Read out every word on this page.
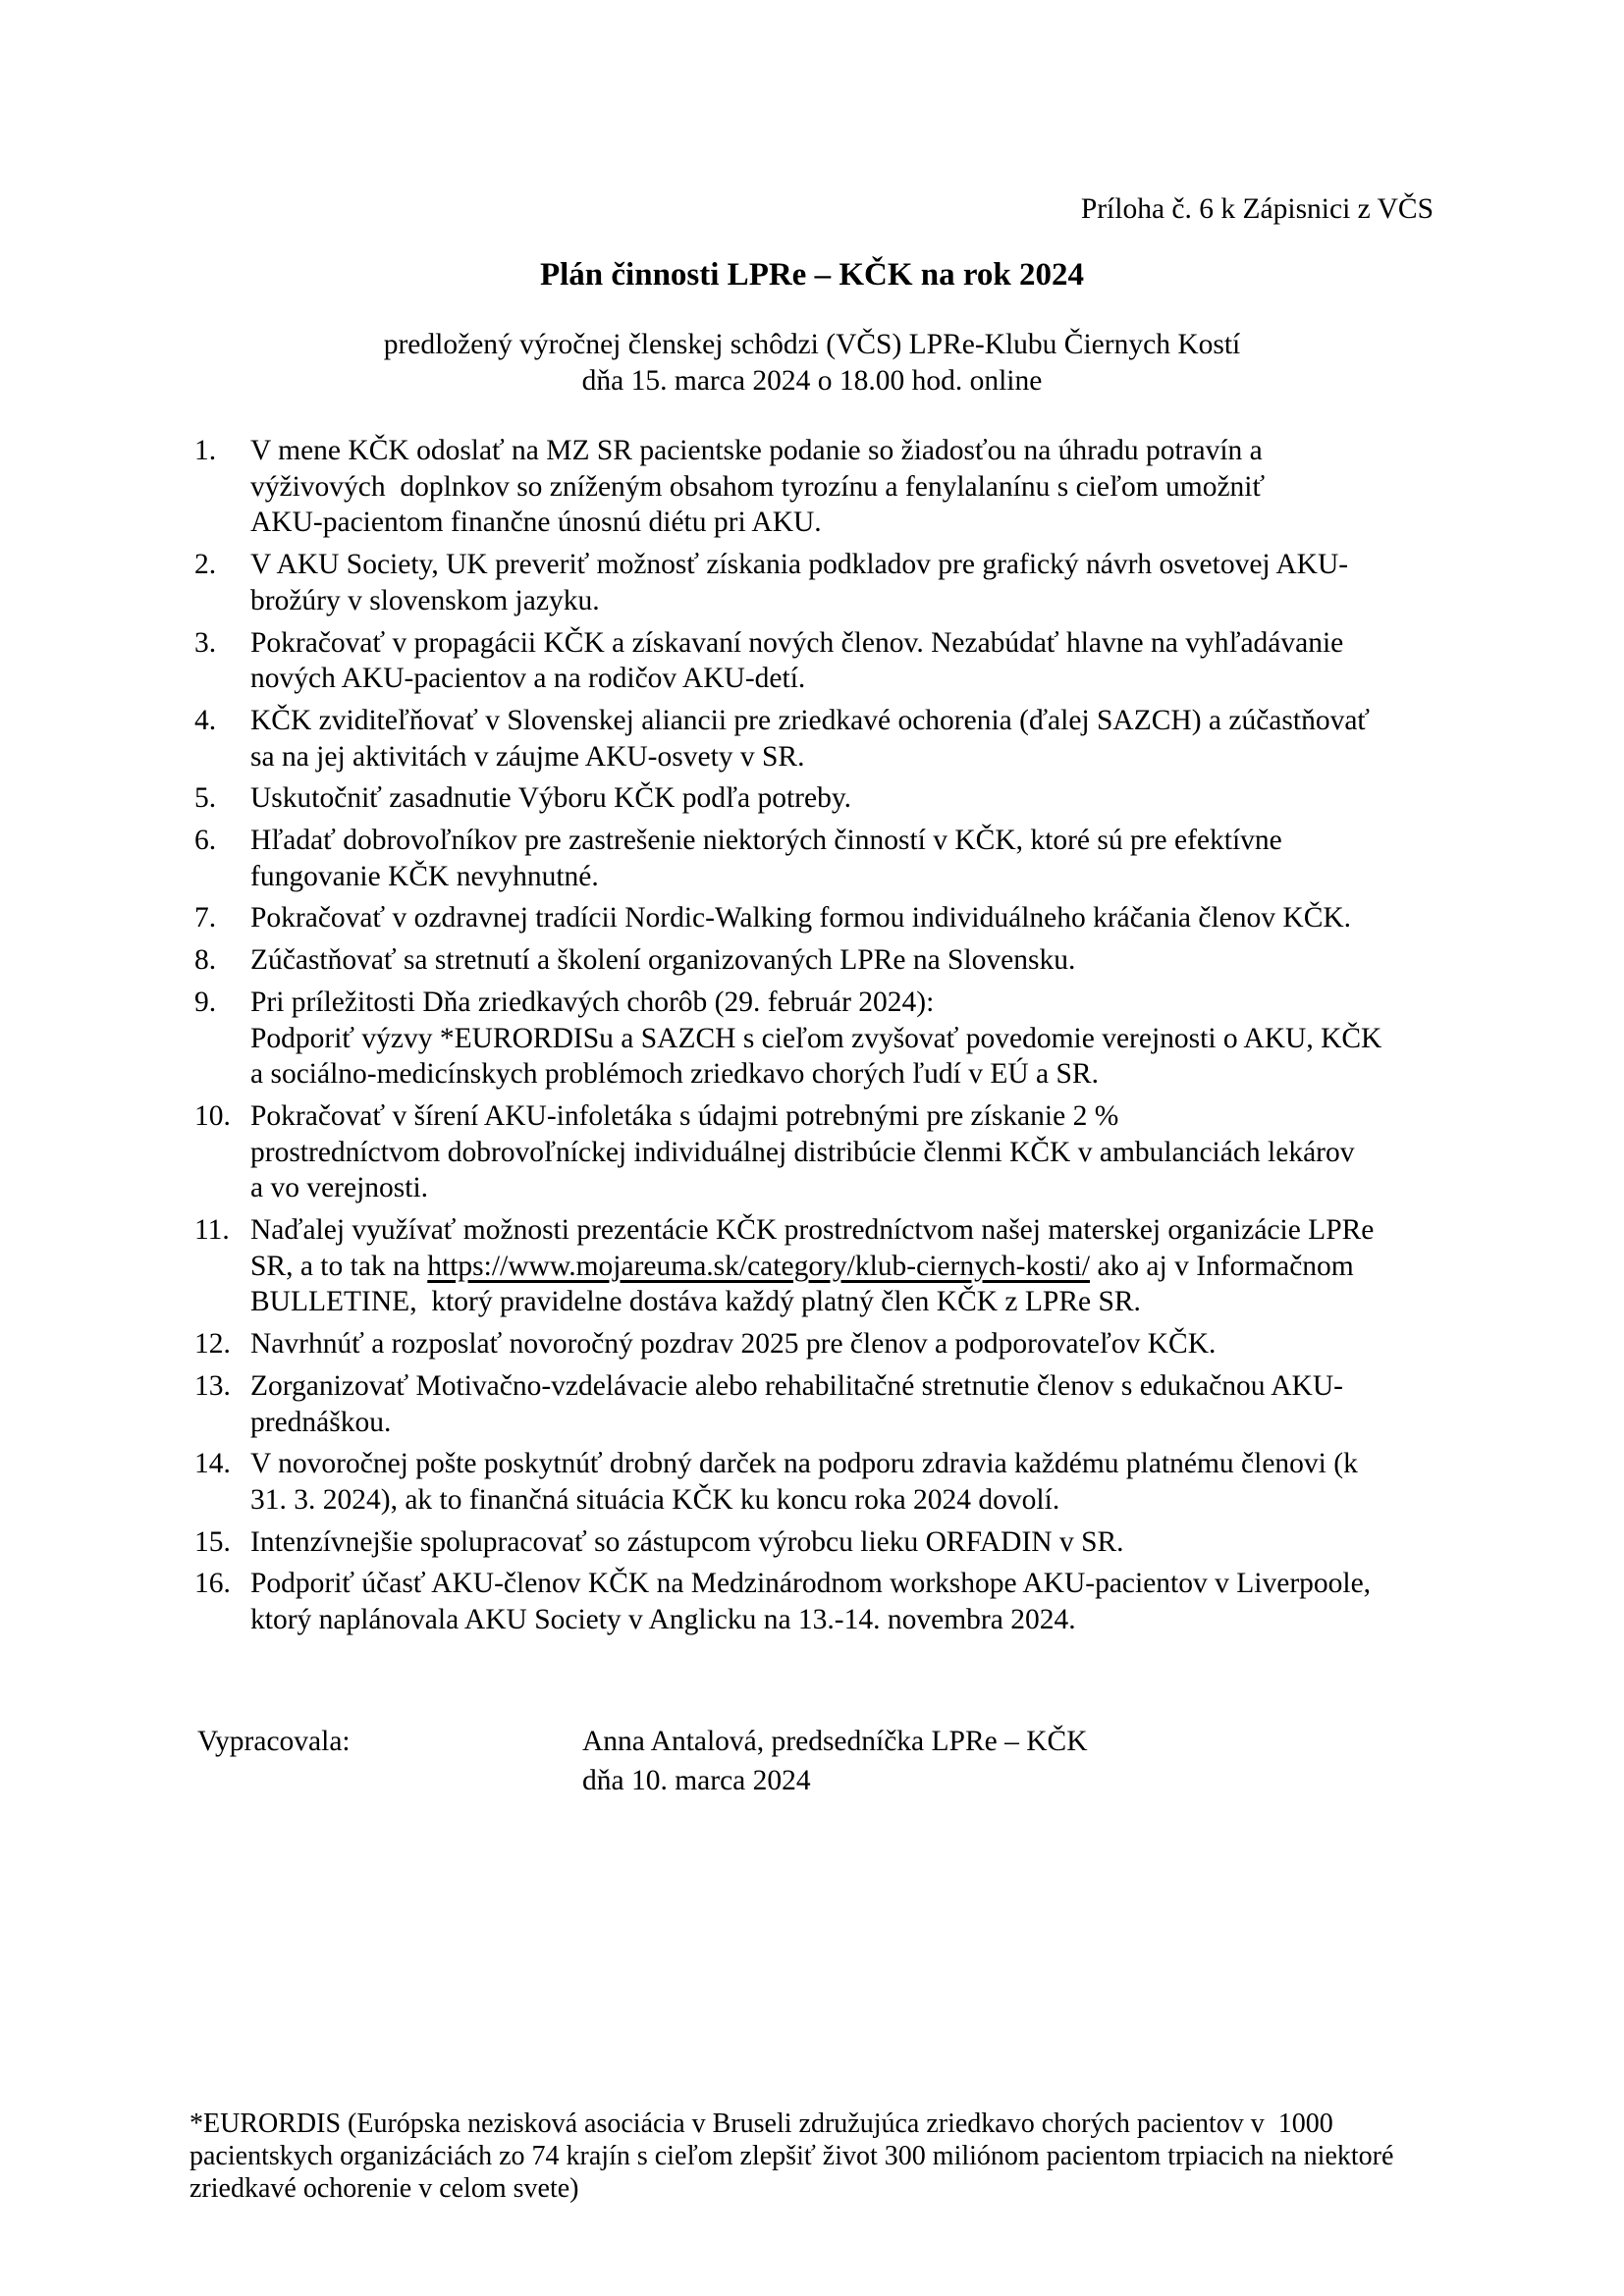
Príloha č. 6 k Zápisnici z VČS
Plán činnosti LPRe – KČK na rok 2024
predložený výročnej členskej schôdzi (VČS) LPRe-Klubu Čiernych Kostí
dňa 15. marca 2024 o 18.00 hod. online
1. V mene KČK odoslať na MZ SR pacientske podanie so žiadosťou na úhradu potravín a
výživových  doplnkov so zníženým obsahom tyrozínu a fenylalanínu s cieľom umožniť
AKU-pacientom finančne únosnú diétu pri AKU.
2. V AKU Society, UK preveriť možnosť získania podkladov pre grafický návrh osvetovej AKU-
brožúry v slovenskom jazyku.
3. Pokračovať v propagácii KČK a získavaní nových členov. Nezabúdať hlavne na vyhľadávanie
nových AKU-pacientov a na rodičov AKU-detí.
4. KČK zviditeľňovať v Slovenskej aliancii pre zriedkavé ochorenia (ďalej SAZCH) a zúčastňovať
sa na jej aktivitách v záujme AKU-osvety v SR.
5. Uskutočniť zasadnutie Výboru KČK podľa potreby.
6. Hľadať dobrovoľníkov pre zastrešenie niektorých činností v KČK, ktoré sú pre efektívne
fungovanie KČK nevyhnutné.
7. Pokračovať v ozdravnej tradícii Nordic-Walking formou individuálneho kráčania členov KČK.
8. Zúčastňovať sa stretnutí a školení organizovaných LPRe na Slovensku.
9. Pri príležitosti Dňa zriedkavých chorôb (29. február 2024):
Podporiť výzvy *EURORDISu a SAZCH s cieľom zvyšovať povedomie verejnosti o AKU, KČK
a sociálno-medicínskych problémoch zriedkavo chorých ľudí v EÚ a SR.
10. Pokračovať v šírení AKU-infoletáka s údajmi potrebnými pre získanie 2 %
prostredníctvom dobrovoľníckej individuálnej distribúcie členmi KČK v ambulanciách lekárov
a vo verejnosti.
11. Naďalej využívať možnosti prezentácie KČK prostredníctvom našej materskej organizácie LPRe
SR, a to tak na https://www.mojareuma.sk/category/klub-ciernych-kosti/ ako aj v Informačnom
BULLETINE,  ktorý pravidelne dostáva každý platný člen KČK z LPRe SR.
12. Navrhnúť a rozposlať novoročný pozdrav 2025 pre členov a podporovateľov KČK.
13. Zorganizovať Motivačno-vzdelávacie alebo rehabilitačné stretnutie členov s edukačnou AKU-
prednáškou.
14. V novoročnej pošte poskytnúť drobný darček na podporu zdravia každému platnému členovi (k
31. 3. 2024), ak to finančná situácia KČK ku koncu roka 2024 dovolí.
15. Intenzívnejšie spolupracovať so zástupcom výrobcu lieku ORFADIN v SR.
16. Podporiť účasť AKU-členov KČK na Medzinárodnom workshope AKU-pacientov v Liverpoole,
ktorý naplánovala AKU Society v Anglicku na 13.-14. novembra 2024.
Vypracovala:	Anna Antalová, predsedníčka LPRe – KČK
dňa 10. marca 2024
*EURORDIS (Európska nezisková asociácia v Bruseli združujúca zriedkavo chorých pacientov v  1000
pacientskych organizáciách zo 74 krajín s cieľom zlepšiť život 300 miliónom pacientom trpiacich na niektoré
zriedkavé ochorenie v celom svete)
